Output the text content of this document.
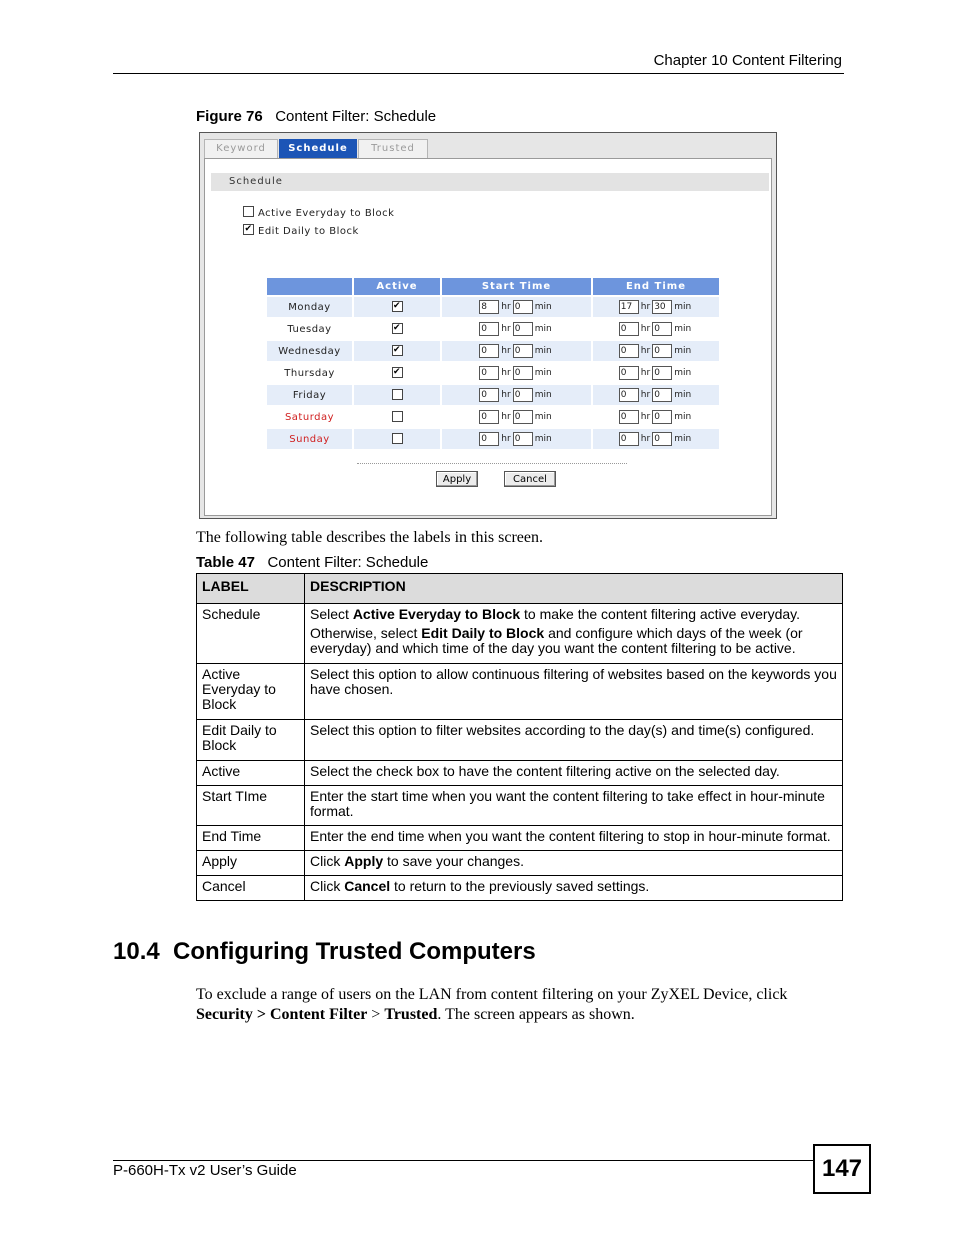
Chapter 10 Content Filtering
Figure 76 Content Filter: Schedule
Keyword	Schedule	Trusted
Schedule
Active Everyday to Block
✔Edit Daily to Block
	Active	Start Time	End Time
Monday	✔	8 hr 0 min	17 hr 30 min
Tuesday	✔	0 hr 0 min	0 hr 0 min
Wednesday	✔	0 hr 0 min	0 hr 0 min
Thursday	✔	0 hr 0 min	0 hr 0 min
Friday		0 hr 0 min	0 hr 0 min
Saturday		0 hr 0 min	0 hr 0 min
Sunday		0 hr 0 min	0 hr 0 min
Apply	Cancel
The following table describes the labels in this screen.
Table 47 Content Filter: Schedule
LABEL	DESCRIPTION
Schedule	Select Active Everyday to Block to make the content filtering active everyday.

Otherwise, select Edit Daily to Block and configure which days of the week (or everyday) and which time of the day you want the content filtering to be active.

Active Everyday to Block	Select this option to allow continuous filtering of websites based on the keywords you have chosen.
Edit Daily to Block	Select this option to filter websites according to the day(s) and time(s) configured.
Active	Select the check box to have the content filtering active on the selected day.
Start TIme	Enter the start time when you want the content filtering to take effect in hour-minute format.
End Time	Enter the end time when you want the content filtering to stop in hour-minute format.
Apply	Click Apply to save your changes.
Cancel	Click Cancel to return to the previously saved settings.
10.4  Configuring Trusted Computers
To exclude a range of users on the LAN from content filtering on your ZyXEL Device, click Security > Content Filter > Trusted. The screen appears as shown.
P-660H-Tx v2 User’s Guide	147
